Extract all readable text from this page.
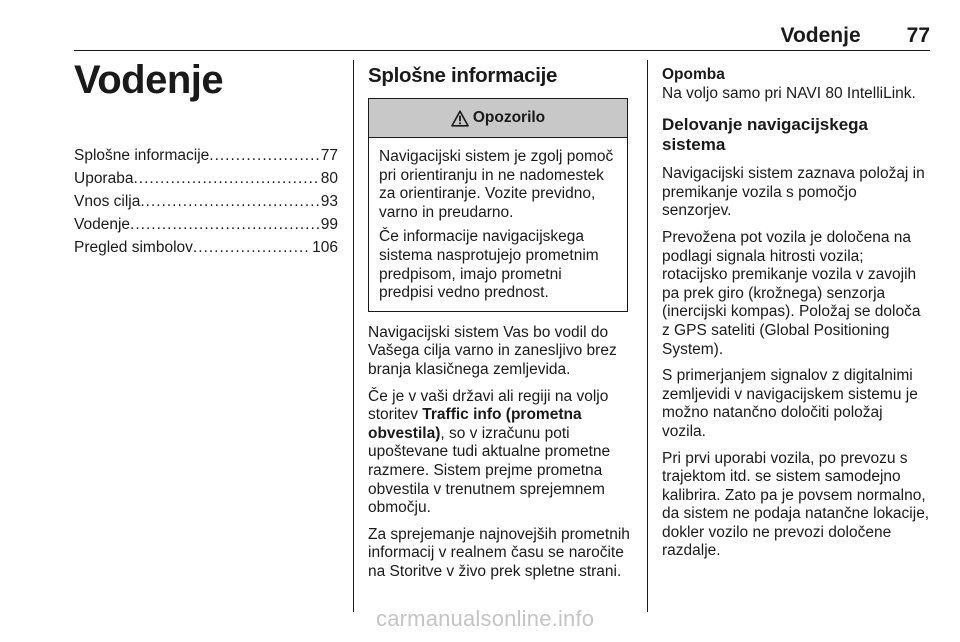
Vodenje 77
Vodenje
Splošne informacije .....	77
Uporaba .....	80
Vnos cilja .....	93
Vodenje .....	99
Pregled simbolov .....	106
Splošne informacije
Opozorilo

Navigacijski sistem je zgolj pomoč pri orientiranju in ne nadomestek za orientiranje. Vozite previdno, varno in preudarno.

Če informacije navigacijskega sistema nasprotujejo prometnim predpisom, imajo prometni predpisi vedno prednost.

Navigacijski sistem Vas bo vodil do Vašega cilja varno in zanesljivo brez branja klasičnega zemljevida.

Če je v vaši državi ali regiji na voljo storitev Traffic info (prometna obvestila), so v izračunu poti upoštevane tudi aktualne prometne razmere. Sistem prejme prometna obvestila v trenutnem sprejemnem območju.

Za sprejemanje najnovejših prometnih informacij v realnem času se naročite na Storitve v živo prek spletne strani.

Opomba
Na voljo samo pri NAVI 80 IntelliLink.
Delovanje navigacijskega sistema

Navigacijski sistem zaznava položaj in premikanje vozila s pomočjo senzorjev.

Prevožena pot vozila je določena na podlagi signala hitrosti vozila; rotacijsko premikanje vozila v zavojih pa prek giro (krožnega) senzorja (inercijski kompas). Položaj se določa z GPS sateliti (Global Positioning System).

S primerjanjem signalov z digitalnimi zemljevidi v navigacijskem sistemu je možno natančno določiti položaj vozila.

Pri prvi uporabi vozila, po prevozu s trajektom itd. se sistem samodejno kalibrira. Zato pa je povsem normalno, da sistem ne podaja natančne lokacije, dokler vozilo ne prevozi določene razdalje.

carmanualsonline.info
